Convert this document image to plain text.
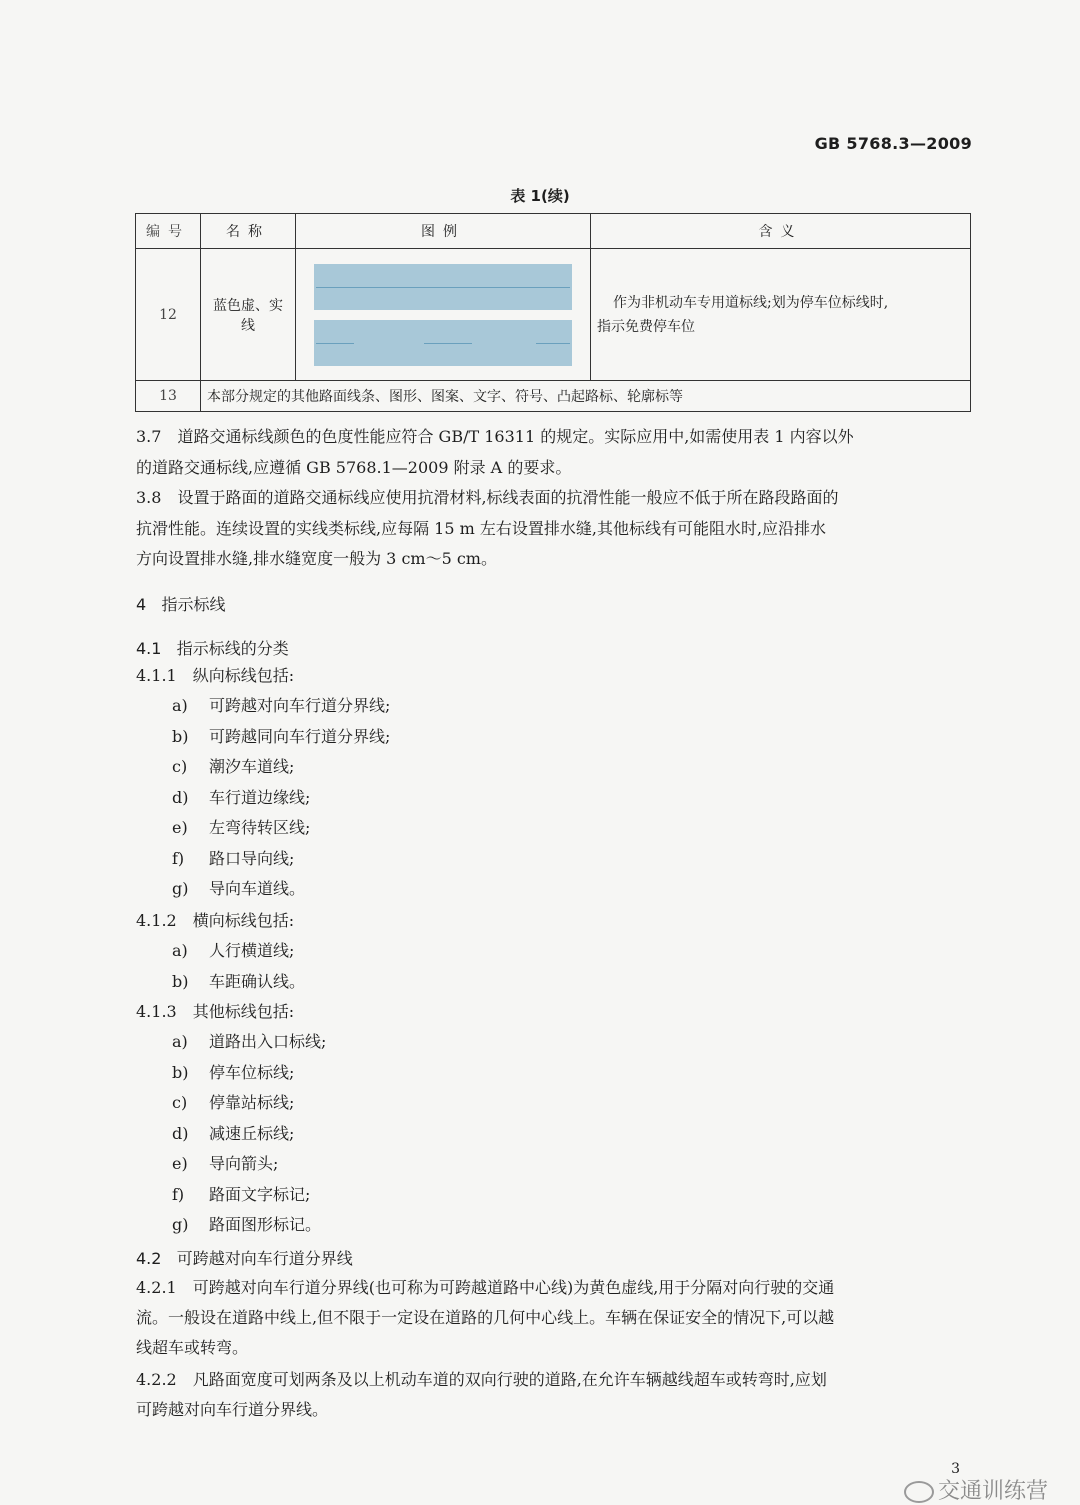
GB 5768.3—2009
表 1(续)
编号	名称	图例	含义
12	蓝色虚、实线		作为非机动车专用道标线;划为停车位标线时,
指示免费停车位

13	本部分规定的其他路面线条、图形、图案、文字、符号、凸起路标、轮廓标等		
3.7　道路交通标线颜色的色度性能应符合 GB/T 16311 的规定。实际应用中,如需使用表 1 内容以外
的道路交通标线,应遵循 GB 5768.1—2009 附录 A 的要求。
3.8　设置于路面的道路交通标线应使用抗滑材料,标线表面的抗滑性能一般应不低于所在路段路面的
抗滑性能。连续设置的实线类标线,应每隔 15 m 左右设置排水缝,其他标线有可能阻水时,应沿排水
方向设置排水缝,排水缝宽度一般为 3 cm～5 cm。
4 指示标线
4.1 指示标线的分类
4.1.1　纵向标线包括:
a) 可跨越对向车行道分界线;
b) 可跨越同向车行道分界线;
c) 潮汐车道线;
d) 车行道边缘线;
e) 左弯待转区线;
f) 路口导向线;
g) 导向车道线。
4.1.2　横向标线包括:
a) 人行横道线;
b) 车距确认线。
4.1.3　其他标线包括:
a) 道路出入口标线;
b) 停车位标线;
c) 停靠站标线;
d) 减速丘标线;
e) 导向箭头;
f) 路面文字标记;
g) 路面图形标记。
4.2 可跨越对向车行道分界线
4.2.1　可跨越对向车行道分界线(也可称为可跨越道路中心线)为黄色虚线,用于分隔对向行驶的交通
流。一般设在道路中线上,但不限于一定设在道路的几何中心线上。车辆在保证安全的情况下,可以越
线超车或转弯。
4.2.2　凡路面宽度可划两条及以上机动车道的双向行驶的道路,在允许车辆越线超车或转弯时,应划
可跨越对向车行道分界线。
3
交通训练营
